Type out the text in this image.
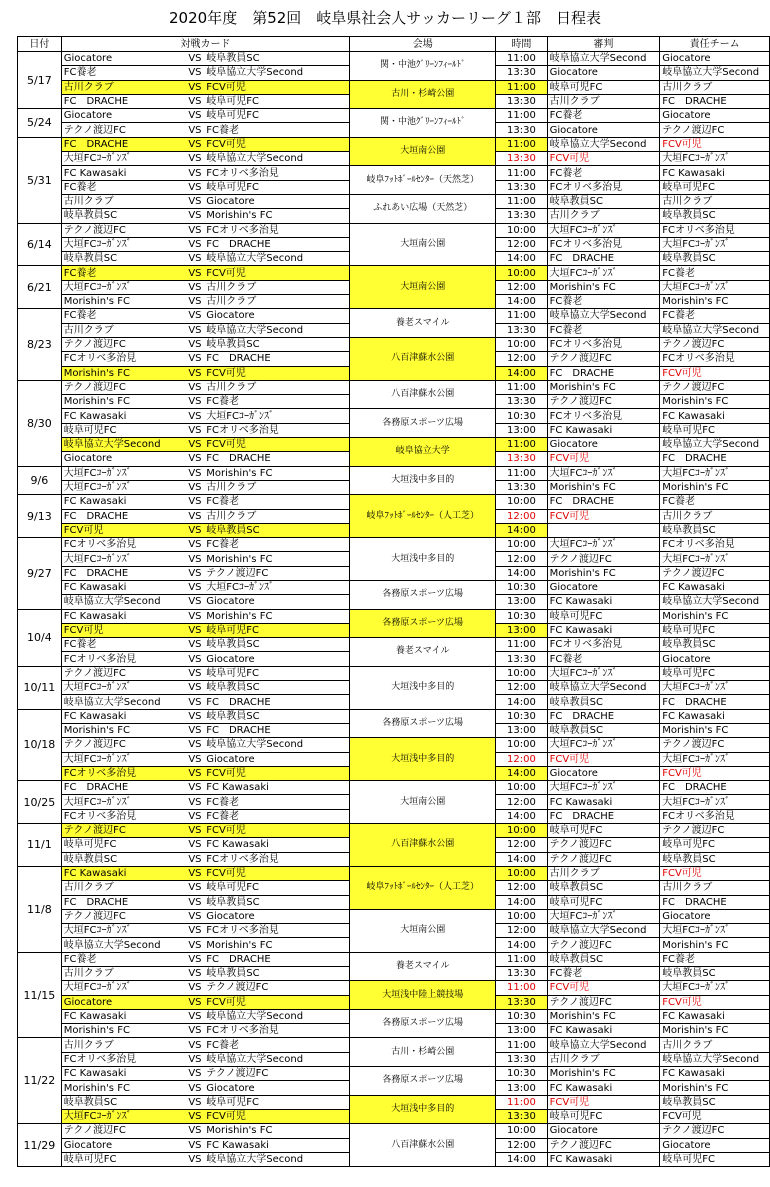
2020年度　第52回　岐阜県社会人サッカーリーグ１部　日程表
日付	対戦カード			会場	時間	審判	責任チーム
5/17	Giocatore	VS	岐阜教員SC	関・中池ｸﾞﾘｰﾝﾌｨｰﾙﾄﾞ	11:00	岐阜協立大学Second	Giocatore
	FC養老	VS	岐阜協立大学Second		13:30	Giocatore	岐阜協立大学Second
	古川クラブ	VS	FCV可児	古川・杉崎公園	11:00	岐阜可児FC	古川クラブ
	FC　DRACHE	VS	岐阜可児FC		13:30	古川クラブ	FC　DRACHE
5/24	Giocatore	VS	岐阜可児FC	関・中池ｸﾞﾘｰﾝﾌｨｰﾙﾄﾞ	11:00	FC養老	Giocatore
	テクノ渡辺FC	VS	FC養老		13:30	Giocatore	テクノ渡辺FC
5/31	FC　DRACHE	VS	FCV可児	大垣南公園	11:00	岐阜協立大学Second	FCV可児
	大垣FCｺｰｶﾞﾝｽﾞ	VS	岐阜協立大学Second		13:30	FCV可児	大垣FCｺｰｶﾞﾝｽﾞ
	FC Kawasaki	VS	FCオリベ多治見	岐阜ﾌｯﾄﾎﾞｰﾙｾﾝﾀｰ（天然芝）	11:00	FC養老	FC Kawasaki
	FC養老	VS	岐阜可児FC		13:30	FCオリベ多治見	岐阜可児FC
	古川クラブ	VS	Giocatore	ふれあい広場（天然芝）	11:00	岐阜教員SC	古川クラブ
	岐阜教員SC	VS	Morishin's FC		13:30	古川クラブ	岐阜教員SC
6/14	テクノ渡辺FC	VS	FCオリベ多治見	大垣南公園	10:00	大垣FCｺｰｶﾞﾝｽﾞ	FCオリベ多治見
	大垣FCｺｰｶﾞﾝｽﾞ	VS	FC　DRACHE		12:00	FCオリベ多治見	大垣FCｺｰｶﾞﾝｽﾞ
	岐阜教員SC	VS	岐阜協立大学Second		14:00	FC　DRACHE	岐阜教員SC
6/21	FC養老	VS	FCV可児	大垣南公園	10:00	大垣FCｺｰｶﾞﾝｽﾞ	FC養老
	大垣FCｺｰｶﾞﾝｽﾞ	VS	古川クラブ		12:00	Morishin's FC	大垣FCｺｰｶﾞﾝｽﾞ
	Morishin's FC	VS	古川クラブ		14:00	FC養老	Morishin's FC
8/23	FC養老	VS	Giocatore	養老スマイル	11:00	岐阜協立大学Second	FC養老
	古川クラブ	VS	岐阜協立大学Second		13:30	FC養老	岐阜協立大学Second
	テクノ渡辺FC	VS	岐阜教員SC	八百津蘇水公園	10:00	FCオリベ多治見	テクノ渡辺FC
	FCオリベ多治見	VS	FC　DRACHE		12:00	テクノ渡辺FC	FCオリベ多治見
	Morishin's FC	VS	FCV可児		14:00	FC　DRACHE	FCV可児
8/30	テクノ渡辺FC	VS	古川クラブ	八百津蘇水公園	11:00	Morishin's FC	テクノ渡辺FC
	Morishin's FC	VS	FC養老		13:30	テクノ渡辺FC	Morishin's FC
	FC Kawasaki	VS	大垣FCｺｰｶﾞﾝｽﾞ	各務原スポーツ広場	10:30	FCオリベ多治見	FC Kawasaki
	岐阜可児FC	VS	FCオリベ多治見		13:00	FC Kawasaki	岐阜可児FC
	岐阜協立大学Second	VS	FCV可児	岐阜協立大学	11:00	Giocatore	岐阜協立大学Second
	Giocatore	VS	FC　DRACHE		13:30	FCV可児	FC　DRACHE
9/6	大垣FCｺｰｶﾞﾝｽﾞ	VS	Morishin's FC	大垣浅中多目的	11:00	大垣FCｺｰｶﾞﾝｽﾞ	大垣FCｺｰｶﾞﾝｽﾞ
	大垣FCｺｰｶﾞﾝｽﾞ	VS	古川クラブ		13:30	Morishin's FC	Morishin's FC
9/13	FC Kawasaki	VS	FC養老	岐阜ﾌｯﾄﾎﾞｰﾙｾﾝﾀｰ（人工芝）	10:00	FC　DRACHE	FC養老
	FC　DRACHE	VS	古川クラブ		12:00	FCV可児	古川クラブ
	FCV可児	VS	岐阜教員SC		14:00		岐阜教員SC
9/27	FCオリベ多治見	VS	FC養老	大垣浅中多目的	10:00	大垣FCｺｰｶﾞﾝｽﾞ	FCオリベ多治見
	大垣FCｺｰｶﾞﾝｽﾞ	VS	Morishin's FC		12:00	テクノ渡辺FC	大垣FCｺｰｶﾞﾝｽﾞ
	FC　DRACHE	VS	テクノ渡辺FC		14:00	Morishin's FC	テクノ渡辺FC
	FC Kawasaki	VS	大垣FCｺｰｶﾞﾝｽﾞ	各務原スポーツ広場	10:30	Giocatore	FC Kawasaki
	岐阜協立大学Second	VS	Giocatore		13:00	FC Kawasaki	岐阜協立大学Second
10/4	FC Kawasaki	VS	Morishin's FC	各務原スポーツ広場	10:30	岐阜可児FC	Morishin's FC
	FCV可児	VS	岐阜可児FC		13:00	FC Kawasaki	岐阜可児FC
	FC養老	VS	岐阜教員SC	養老スマイル	11:00	FCオリベ多治見	岐阜教員SC
	FCオリベ多治見	VS	Giocatore		13:30	FC養老	Giocatore
10/11	テクノ渡辺FC	VS	岐阜可児FC	大垣浅中多目的	10:00	大垣FCｺｰｶﾞﾝｽﾞ	岐阜可児FC
	大垣FCｺｰｶﾞﾝｽﾞ	VS	岐阜教員SC		12:00	岐阜協立大学Second	大垣FCｺｰｶﾞﾝｽﾞ
	岐阜協立大学Second	VS	FC　DRACHE		14:00	岐阜教員SC	FC　DRACHE
10/18	FC Kawasaki	VS	岐阜教員SC	各務原スポーツ広場	10:30	FC　DRACHE	FC Kawasaki
	Morishin's FC	VS	FC　DRACHE		13:00	岐阜教員SC	Morishin's FC
	テクノ渡辺FC	VS	岐阜協立大学Second	大垣浅中多目的	10:00	大垣FCｺｰｶﾞﾝｽﾞ	テクノ渡辺FC
	大垣FCｺｰｶﾞﾝｽﾞ	VS	Giocatore		12:00	FCV可児	大垣FCｺｰｶﾞﾝｽﾞ
	FCオリベ多治見	VS	FCV可児		14:00	Giocatore	FCV可児
10/25	FC　DRACHE	VS	FC Kawasaki	大垣南公園	10:00	大垣FCｺｰｶﾞﾝｽﾞ	FC　DRACHE
	大垣FCｺｰｶﾞﾝｽﾞ	VS	FC養老		12:00	FC Kawasaki	大垣FCｺｰｶﾞﾝｽﾞ
	FCオリベ多治見	VS	FC養老		14:00	FC　DRACHE	FCオリベ多治見
11/1	テクノ渡辺FC	VS	FCV可児	八百津蘇水公園	10:00	岐阜可児FC	テクノ渡辺FC
	岐阜可児FC	VS	FC Kawasaki		12:00	テクノ渡辺FC	岐阜可児FC
	岐阜教員SC	VS	FCオリベ多治見		14:00	テクノ渡辺FC	岐阜教員SC
11/8	FC Kawasaki	VS	FCV可児	岐阜ﾌｯﾄﾎﾞｰﾙｾﾝﾀｰ（人工芝）	10:00	古川クラブ	FCV可児
	古川クラブ	VS	岐阜可児FC		12:00	岐阜教員SC	古川クラブ
	FC　DRACHE	VS	岐阜教員SC		14:00	岐阜可児FC	FC　DRACHE
	テクノ渡辺FC	VS	Giocatore	大垣南公園	10:00	大垣FCｺｰｶﾞﾝｽﾞ	Giocatore
	大垣FCｺｰｶﾞﾝｽﾞ	VS	FCオリベ多治見		12:00	岐阜協立大学Second	大垣FCｺｰｶﾞﾝｽﾞ
	岐阜協立大学Second	VS	Morishin's FC		14:00	テクノ渡辺FC	Morishin's FC
11/15	FC養老	VS	FC　DRACHE	養老スマイル	11:00	岐阜教員SC	FC養老
	古川クラブ	VS	岐阜教員SC		13:30	FC養老	岐阜教員SC
	大垣FCｺｰｶﾞﾝｽﾞ	VS	テクノ渡辺FC	大垣浅中陸上競技場	11:00	FCV可児	大垣FCｺｰｶﾞﾝｽﾞ
	Giocatore	VS	FCV可児		13:30	テクノ渡辺FC	FCV可児
	FC Kawasaki	VS	岐阜協立大学Second	各務原スポーツ広場	10:30	Morishin's FC	FC Kawasaki
	Morishin's FC	VS	FCオリベ多治見		13:00	FC Kawasaki	Morishin's FC
11/22	古川クラブ	VS	FC養老	古川・杉崎公園	11:00	岐阜協立大学Second	古川クラブ
	FCオリベ多治見	VS	岐阜協立大学Second		13:30	古川クラブ	岐阜協立大学Second
	FC Kawasaki	VS	テクノ渡辺FC	各務原スポーツ広場	10:30	Morishin's FC	FC Kawasaki
	Morishin's FC	VS	Giocatore		13:00	FC Kawasaki	Morishin's FC
	岐阜教員SC	VS	岐阜可児FC	大垣浅中多目的	11:00	FCV可児	岐阜教員SC
	大垣FCｺｰｶﾞﾝｽﾞ	VS	FCV可児		13:30	岐阜可児FC	FCV可児
11/29	テクノ渡辺FC	VS	Morishin's FC	八百津蘇水公園	10:00	Giocatore	テクノ渡辺FC
	Giocatore	VS	FC Kawasaki		12:00	テクノ渡辺FC	Giocatore
	岐阜可児FC	VS	岐阜協立大学Second		14:00	FC Kawasaki	岐阜可児FC
